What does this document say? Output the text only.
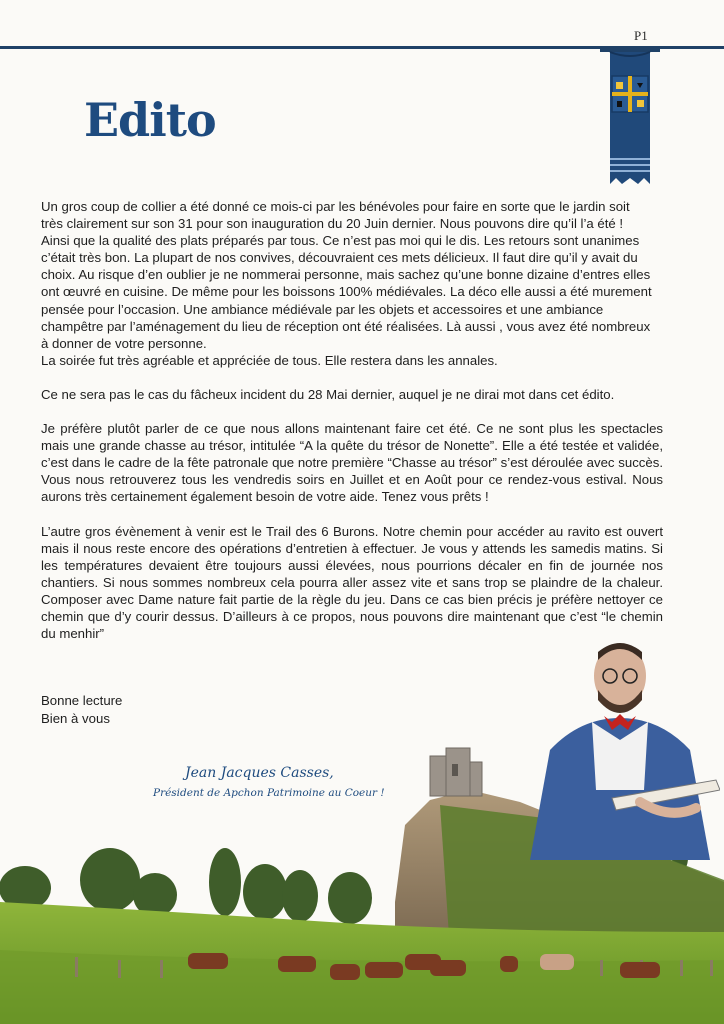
P1
Edito

Un gros coup de collier a été donné ce mois-ci par les bénévoles pour faire en sorte que le jardin soit

très clairement sur son 31 pour son inauguration du 20 Juin dernier. Nous pouvons dire qu’il l’a été !

Ainsi que la qualité des plats préparés par tous. Ce n’est pas moi qui le dis. Les retours sont unanimes

c’était très bon. La plupart de nos convives, découvraient ces mets délicieux. Il faut dire qu’il y avait du

choix. Au risque d’en oublier je ne nommerai personne, mais sachez qu’une bonne dizaine d’entres elles

ont œuvré en cuisine. De même pour les boissons 100% médiévales. La déco elle aussi a été murement

pensée pour l’occasion. Une ambiance médiévale par les objets et accessoires et une ambiance

champêtre par l’aménagement du lieu de réception ont été réalisées. Là aussi , vous avez été nombreux

à donner de votre personne.

La soirée fut très agréable et appréciée de tous. Elle restera dans les annales.

Ce ne sera pas le cas du fâcheux incident du 28 Mai dernier, auquel je ne dirai mot dans cet édito.

Je préfère plutôt parler de ce que nous allons maintenant faire cet été. Ce ne sont plus les spectacles mais une grande chasse au trésor, intitulée “A la quête du trésor de Nonette”. Elle a été testée et validée, c’est dans le cadre de la fête patronale que notre première “Chasse au trésor” s’est déroulée avec succès. Vous nous retrouverez tous les vendredis soirs en Juillet et en Août pour ce rendez-vous estival. Nous aurons très certainement également besoin de votre aide. Tenez vous prêts !

L’autre gros évènement à venir est le Trail des 6 Burons. Notre chemin pour accéder au ravito est ouvert mais il nous reste encore des opérations d’entretien à effectuer. Je vous y attends les samedis matins. Si les températures devaient être toujours aussi élevées, nous pourrions décaler en fin de journée nos chantiers. Si nous sommes nombreux cela pourra aller assez vite et sans trop se plaindre de la chaleur. Composer avec Dame nature fait partie de la règle du jeu. Dans ce cas bien précis je préfère nettoyer ce chemin que d’y courir dessus. D’ailleurs à ce propos, nous pouvons dire maintenant que c’est “le chemin du menhir”

Bonne lecture
Bien à vous
Jean Jacques Casses,
Président de Apchon Patrimoine au Coeur !
